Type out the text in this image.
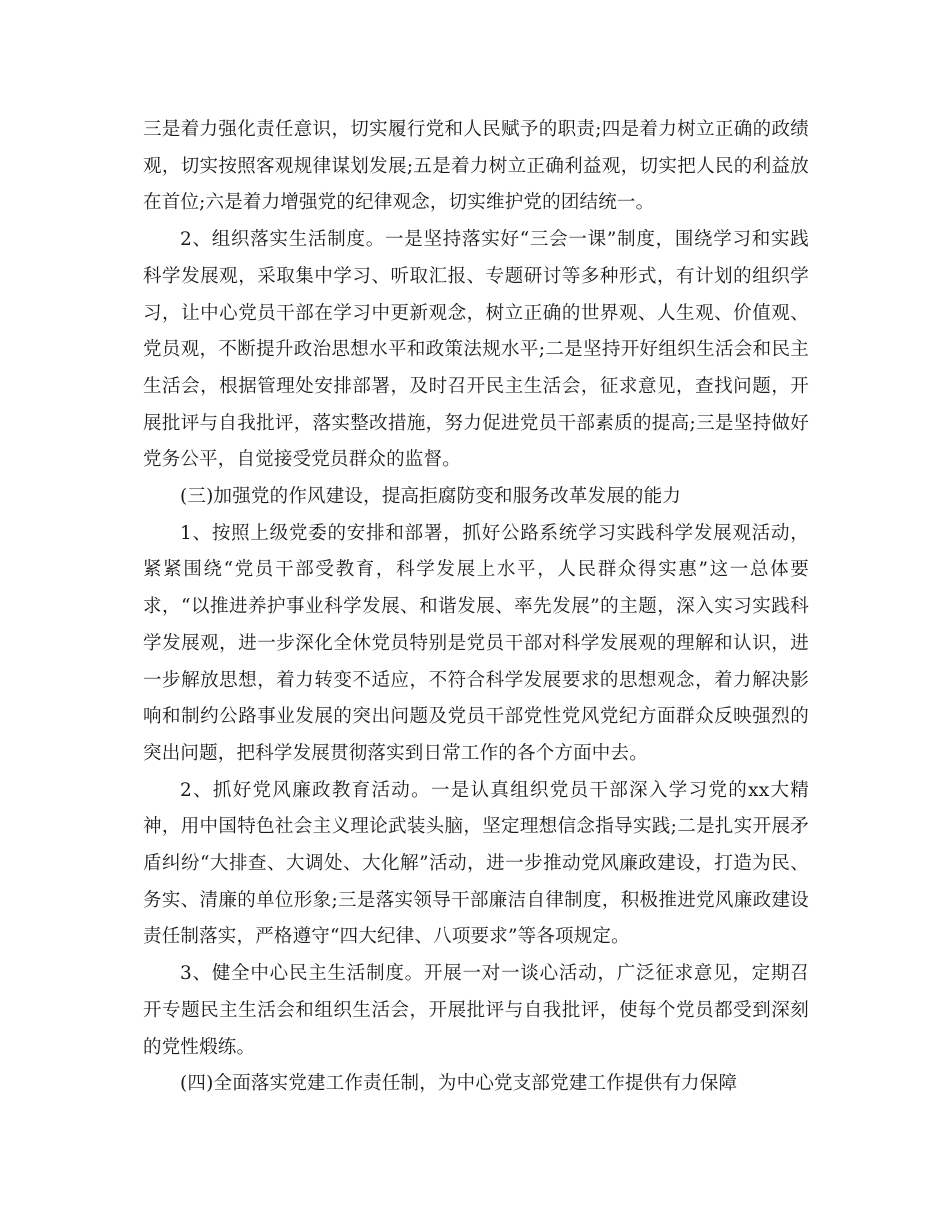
三是着力强化责任意识，切实履行党和人民赋予的职责;四是着力树立正确的政绩观，切实按照客观规律谋划发展;五是着力树立正确利益观，切实把人民的利益放在首位;六是着力增强党的纪律观念，切实维护党的团结统一。

2、组织落实生活制度。一是坚持落实好“三会一课”制度，围绕学习和实践科学发展观，采取集中学习、听取汇报、专题研讨等多种形式，有计划的组织学习，让中心党员干部在学习中更新观念，树立正确的世界观、人生观、价值观、党员观，不断提升政治思想水平和政策法规水平;二是坚持开好组织生活会和民主生活会，根据管理处安排部署，及时召开民主生活会，征求意见，查找问题，开展批评与自我批评，落实整改措施，努力促进党员干部素质的提高;三是坚持做好党务公平，自觉接受党员群众的监督。

(三)加强党的作风建设，提高拒腐防变和服务改革发展的能力

1、按照上级党委的安排和部署，抓好公路系统学习实践科学发展观活动，紧紧围绕“党员干部受教育，科学发展上水平，人民群众得实惠”这一总体要求，“以推进养护事业科学发展、和谐发展、率先发展”的主题，深入实习实践科学发展观，进一步深化全休党员特别是党员干部对科学发展观的理解和认识，进一步解放思想，着力转变不适应，不符合科学发展要求的思想观念，着力解决影响和制约公路事业发展的突出问题及党员干部党性党风党纪方面群众反映强烈的突出问题，把科学发展贯彻落实到日常工作的各个方面中去。

2、抓好党风廉政教育活动。一是认真组织党员干部深入学习党的xx大精神，用中国特色社会主义理论武装头脑，坚定理想信念指导实践;二是扎实开展矛盾纠纷“大排查、大调处、大化解”活动，进一步推动党风廉政建设，打造为民、务实、清廉的单位形象;三是落实领导干部廉洁自律制度，积极推进党风廉政建设责任制落实，严格遵守“四大纪律、八项要求”等各项规定。

3、健全中心民主生活制度。开展一对一谈心活动，广泛征求意见，定期召开专题民主生活会和组织生活会，开展批评与自我批评，使每个党员都受到深刻的党性煅练。

(四)全面落实党建工作责任制，为中心党支部党建工作提供有力保障
